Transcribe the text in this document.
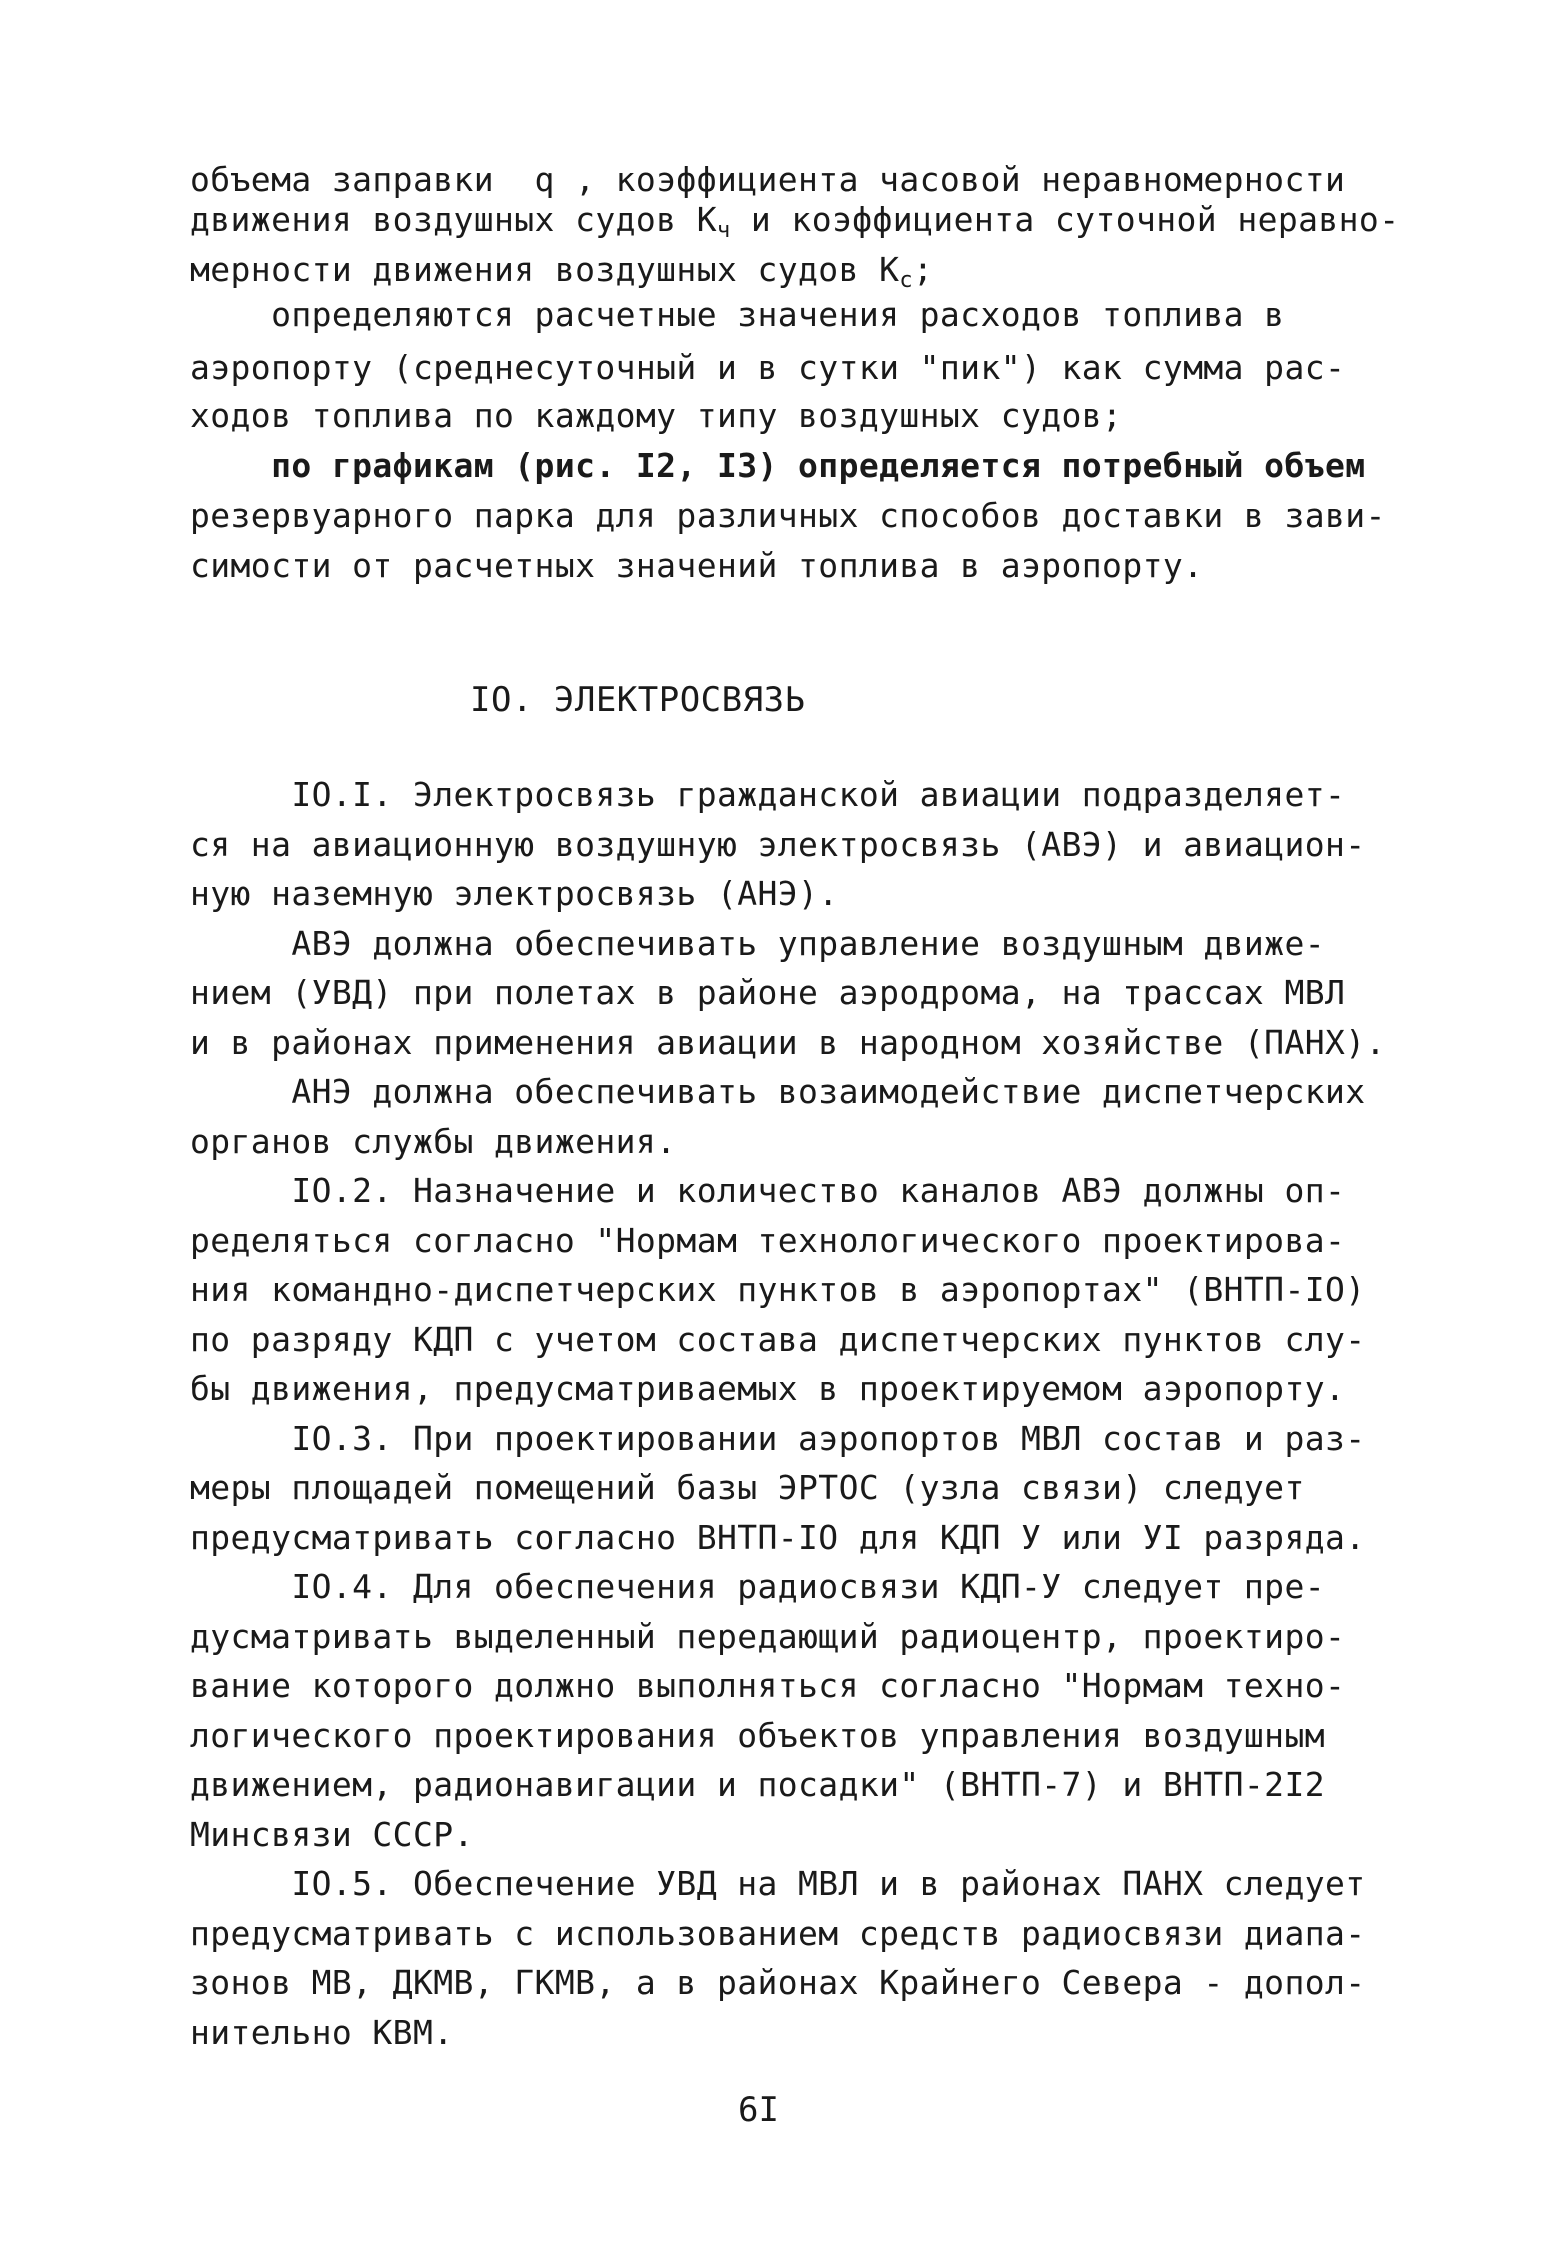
объема заправки  q , коэффициента часовой неравномерности
движения воздушных судов $K_ч$ и коэффициента суточной неравно-
мерности движения воздушных судов $K_с$;
определяются расчетные значения расходов топлива в
аэропорту (среднесуточный и в сутки "пик") как сумма рас-
ходов топлива по каждому типу воздушных судов;
по графикам (рис. I2, I3) определяется потребный объем
резервуарного парка для различных способов доставки в зави-
симости от расчетных значений топлива в аэропорту.
IO. ЭЛЕКТРОСВЯЗЬ
IO.I. Электросвязь гражданской авиации подразделяет-
ся на авиационную воздушную электросвязь (АВЭ) и авиацион-
ную наземную электросвязь (АНЭ).
АВЭ должна обеспечивать управление воздушным движе-
нием (УВД) при полетах в районе аэродрома, на трассах МВЛ
и в районах применения авиации в народном хозяйстве (ПАНХ).
АНЭ должна обеспечивать возаимодействие диспетчерских
органов службы движения.
IO.2. Назначение и количество каналов АВЭ должны оп-
ределяться согласно "Нормам технологического проектирова-
ния командно-диспетчерских пунктов в аэропортах" (ВНТП-IO)
по разряду КДП с учетом состава диспетчерских пунктов слу-
бы движения, предусматриваемых в проектируемом аэропорту.
IO.3. При проектировании аэропортов МВЛ состав и раз-
меры площадей помещений базы ЭРТОС (узла связи) следует
предусматривать согласно ВНТП-IO для КДП У или УI разряда.
IO.4. Для обеспечения радиосвязи КДП-У следует пре-
дусматривать выделенный передающий радиоцентр, проектиро-
вание которого должно выполняться согласно "Нормам техно-
логического проектирования объектов управления воздушным
движением, радионавигации и посадки" (ВНТП-7) и ВНТП-2I2
Минсвязи СССР.
IO.5. Обеспечение УВД на МВЛ и в районах ПАНХ следует
предусматривать с использованием средств радиосвязи диапа-
зонов МВ, ДКМВ, ГКМВ, а в районах Крайнего Севера - допол-
нительно КВМ.
6I
